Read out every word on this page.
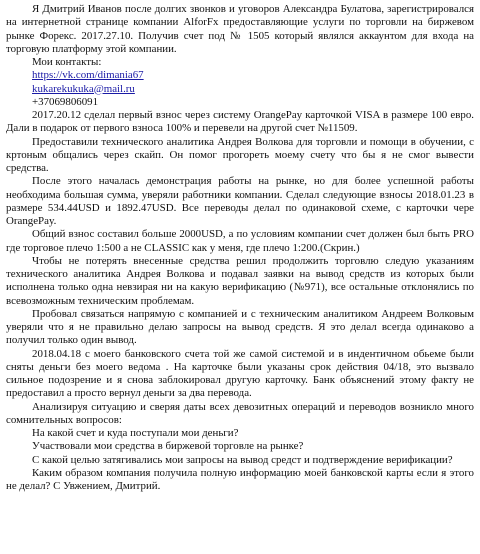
Я Дмитрий Иванов после долгих звонков и уговоров Александра Булатова, зарегистрировался на интернетной странице компании AlforFx предоставляющие услуги по торговли на биржевом рынке Форекс. 2017.27.10. Получив счет под № 1505 который являлся аккаунтом для входа на торговую платформу этой компании.

Мои контакты:

https://vk.com/dimania67

kukarekukuka@mail.ru

+37069806091

2017.20.12 сделал первый взнос через систему OrangePay карточкой VISA в размере 100 евро. Дали в подарок от первого взноса 100% и перевели на другой счет №11509.

Предоставили технического аналитика Андрея Волкова для торговли и помощи в обучении, с кртоным общались через скайп. Он помог прогореть моему счету что бы я не смог вывести средства.

После этого началась демонстрация работы на рынке, но для более успешной работы необходима большая сумма, уверяли работники компании. Сделал следующие взносы 2018.01.23 в размере 534.44USD и 1892.47USD. Все переводы делал по одинаковой схеме, с карточки чере OrangePay.

Общий взнос составил больше 2000USD, а по условиям компании счет должен был быть PRO где торговое плечо 1:500 а не CLASSIC как у меня, где плечо 1:200.(Скрин.)

Чтобы не потерять внесенные средства решил продолжить торговлю следую указаниям технического аналитика Андрея Волкова и подавал заявки на вывод средств из которых были исполнена только одна невзирая ни на какую верификацию (№971), все остальные отклонялись по всевозможным техническим проблемам.

Пробовал связаться напрямую с компанией и с техническим аналитиком Андреем Волковым уверяли что я не правильно делаю запросы на вывод средств. Я это делал всегда одинаково а получил только один вывод.

2018.04.18 с моего банковского счета той же самой системой и в индентичном обьеме были сняты деньги без моего ведома . На карточке были указаны срок действия 04/18, это вызвало сильное подозрение и я снова заблокировал другую карточку. Банк объяснений этому факту не предоставил а просто вернул деньги за два перевода.

Анализируя ситуацию и сверяя даты всех девозитных операций и переводов возникло много сомнительных вопросов:

На какой счет и куда поступали мои деньги?

Участвовали мои средства в биржевой торговле на рынке?

С какой целью затягивались мои запросы на вывод средст и подтверждение верификации?

Каким образом компания получила полную информацию моей банковской карты если я этого не делал? С Увжением, Дмитрий.
